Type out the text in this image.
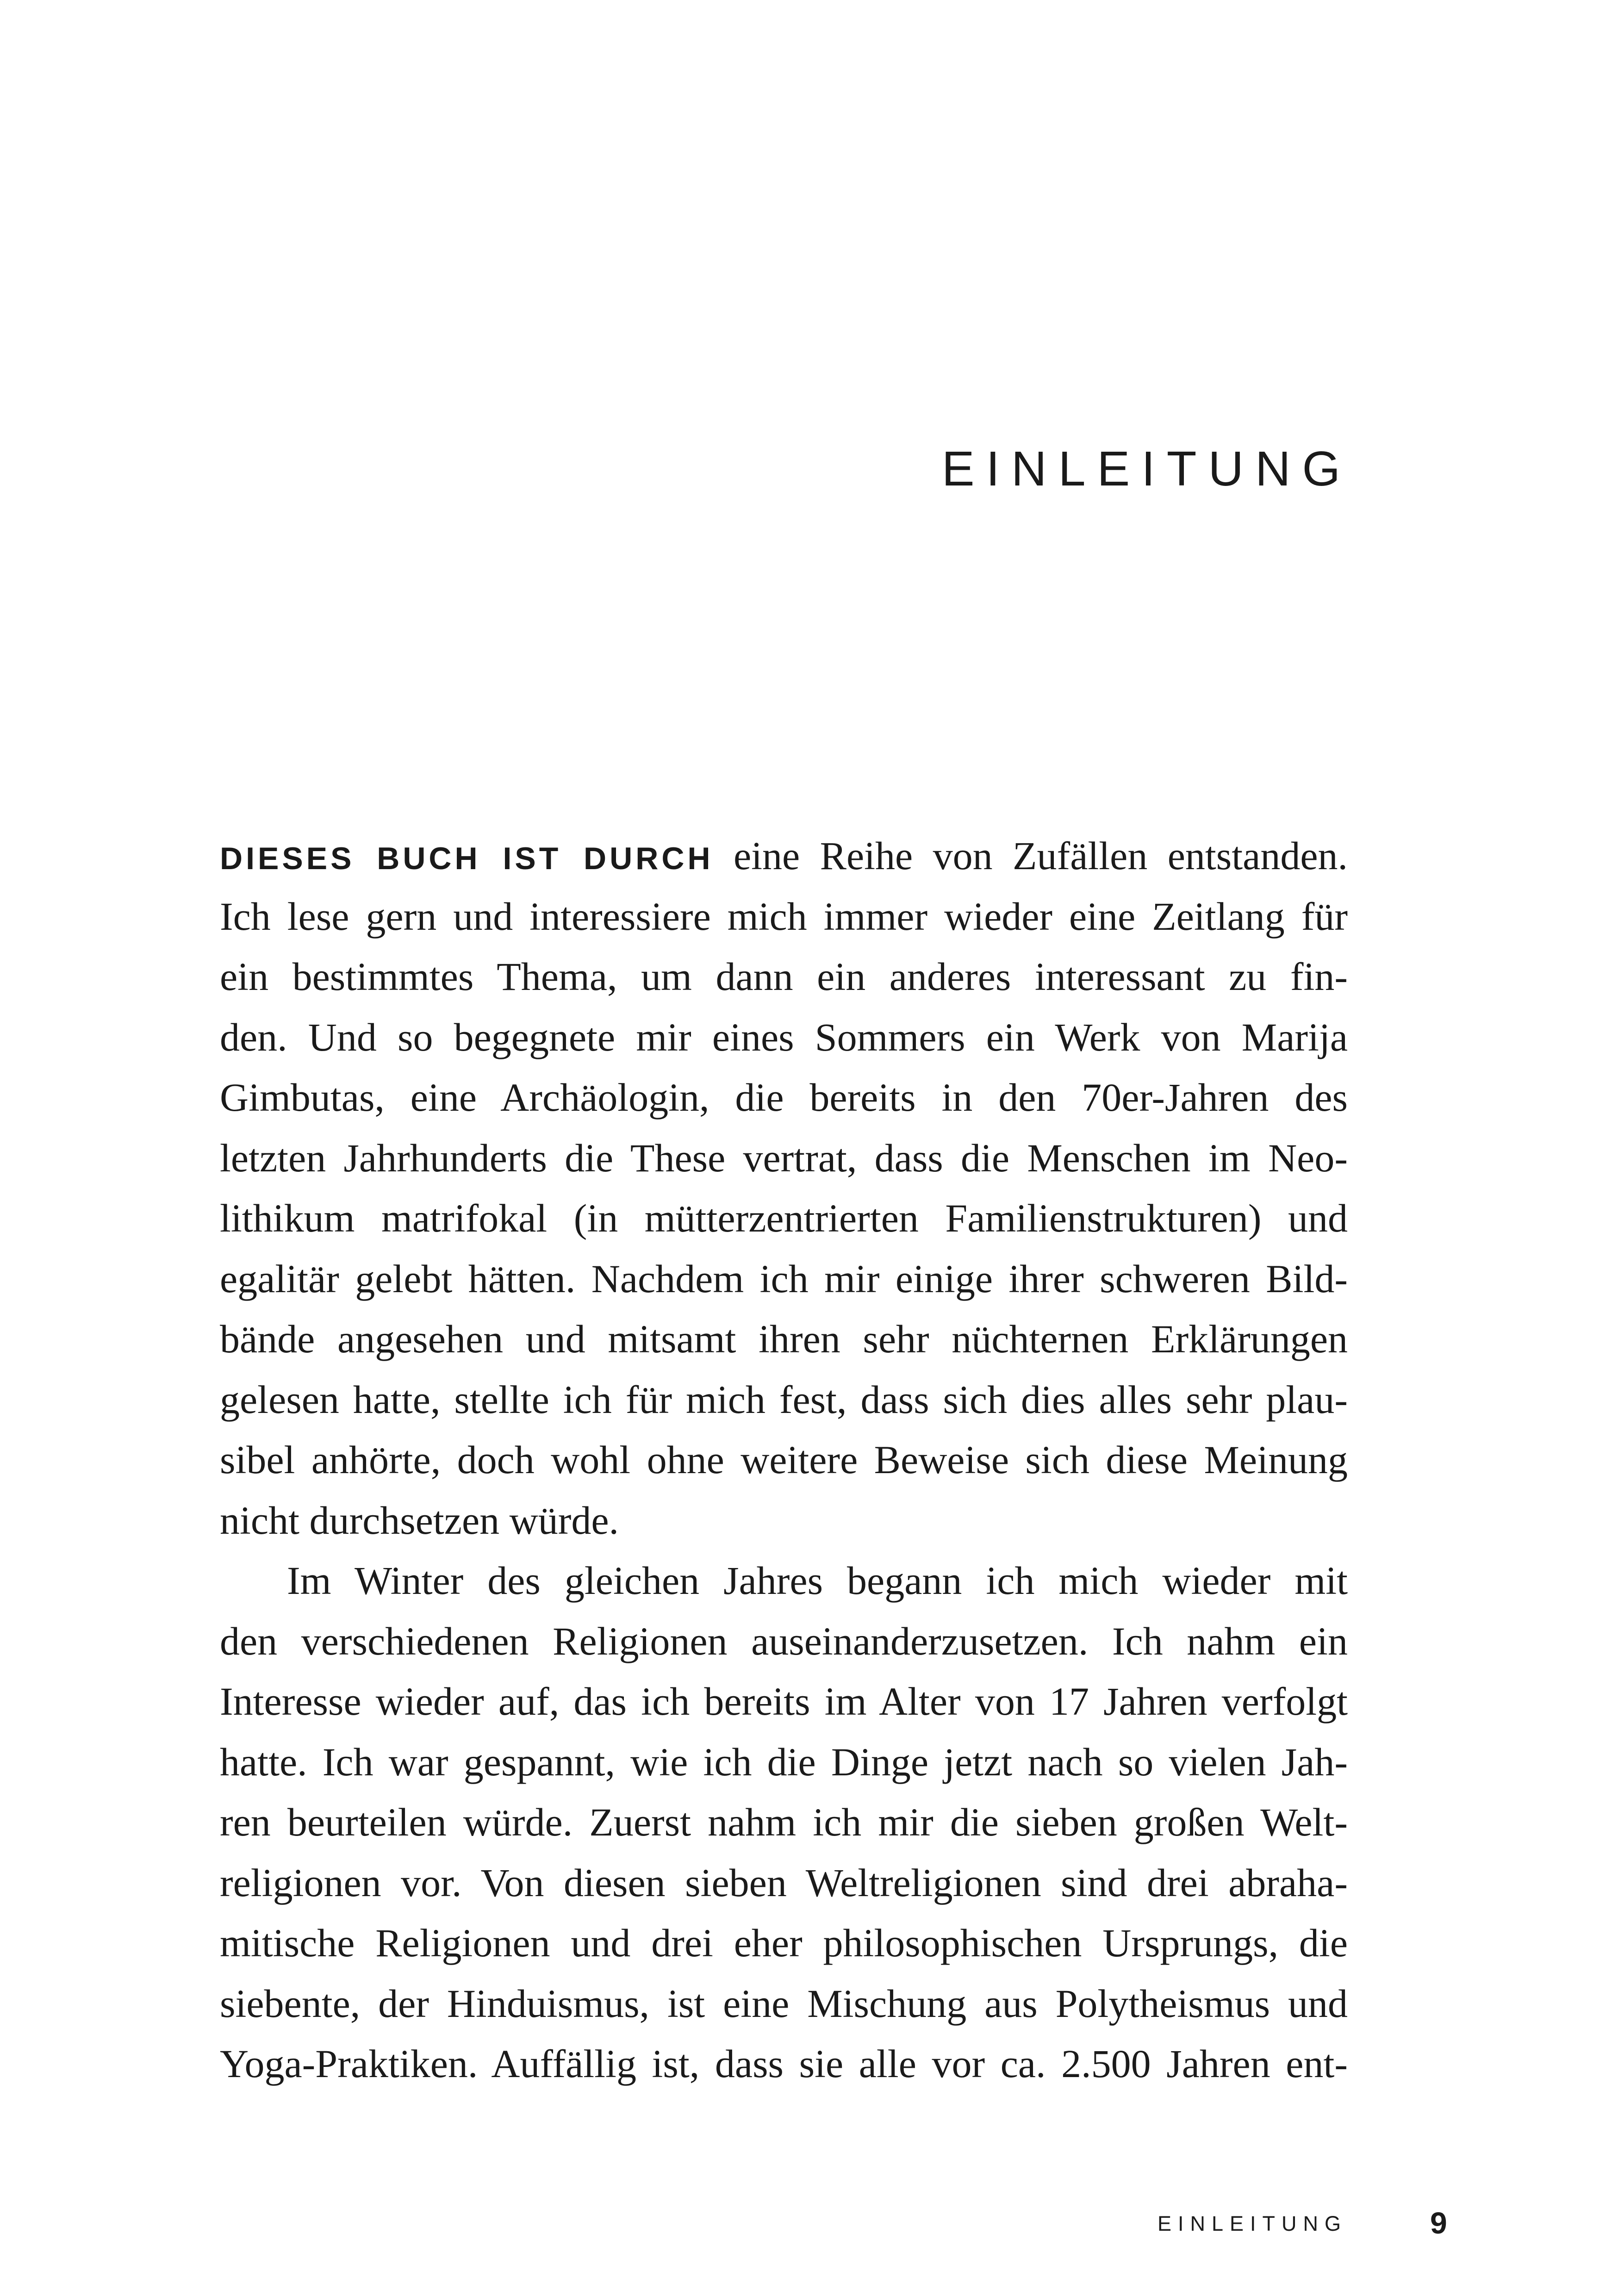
EINLEITUNG
DIESES BUCH IST DURCH eine Reihe von Zufällen entstanden.
Ich lese gern und interessiere mich immer wieder eine Zeitlang für
ein bestimmtes Thema, um dann ein anderes interessant zu fin-
den. Und so begegnete mir eines Sommers ein Werk von Marija
Gimbutas, eine Archäologin, die bereits in den 70er-Jahren des
letzten Jahrhunderts die These vertrat, dass die Menschen im Neo-
lithikum matrifokal (in mütterzentrierten Familienstrukturen) und
egalitär gelebt hätten. Nachdem ich mir einige ihrer schweren Bild-
bände angesehen und mitsamt ihren sehr nüchternen Erklärungen
gelesen hatte, stellte ich für mich fest, dass sich dies alles sehr plau-
sibel anhörte, doch wohl ohne weitere Beweise sich diese Meinung
nicht durchsetzen würde.
Im Winter des gleichen Jahres begann ich mich wieder mit
den verschiedenen Religionen auseinanderzusetzen. Ich nahm ein
Interesse wieder auf, das ich bereits im Alter von 17 Jahren verfolgt
hatte. Ich war gespannt, wie ich die Dinge jetzt nach so vielen Jah-
ren beurteilen würde. Zuerst nahm ich mir die sieben großen Welt-
religionen vor. Von diesen sieben Weltreligionen sind drei abraha-
mitische Religionen und drei eher philosophischen Ursprungs, die
siebente, der Hinduismus, ist eine Mischung aus Polytheismus und
Yoga-Praktiken. Auffällig ist, dass sie alle vor ca. 2.500 Jahren ent-
EINLEITUNG	9
